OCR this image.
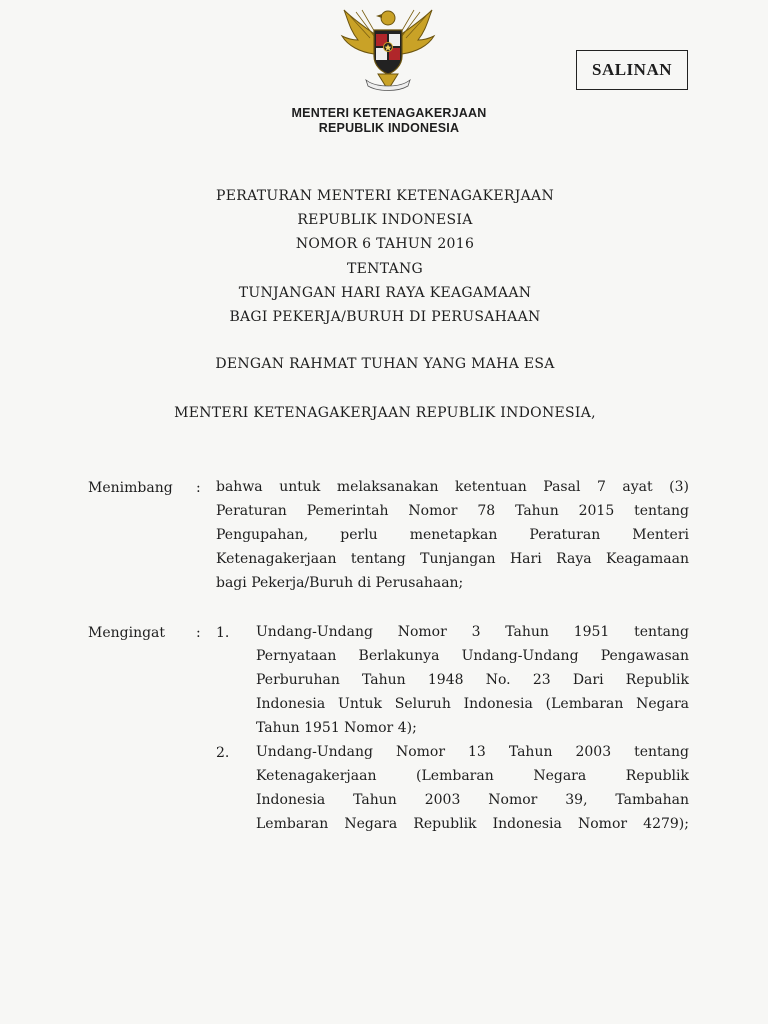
SALINAN
MENTERI KETENAGAKERJAAN
REPUBLIK INDONESIA
PERATURAN MENTERI KETENAGAKERJAAN
REPUBLIK INDONESIA
NOMOR 6 TAHUN 2016
TENTANG
TUNJANGAN HARI RAYA KEAGAMAAN
BAGI PEKERJA/BURUH DI PERUSAHAAN
DENGAN RAHMAT TUHAN YANG MAHA ESA
MENTERI KETENAGAKERJAAN REPUBLIK INDONESIA,
Menimbang : bahwa untuk melaksanakan ketentuan Pasal 7 ayat (3)
Peraturan Pemerintah Nomor 78 Tahun 2015 tentang
Pengupahan, perlu menetapkan Peraturan Menteri
Ketenagakerjaan tentang Tunjangan Hari Raya Keagamaan
bagi Pekerja/Buruh di Perusahaan;
Mengingat : 1. Undang-Undang Nomor 3 Tahun 1951 tentang
Pernyataan Berlakunya Undang-Undang Pengawasan
Perburuhan Tahun 1948 No. 23 Dari Republik
Indonesia Untuk Seluruh Indonesia (Lembaran Negara
Tahun 1951 Nomor 4);
2. Undang-Undang Nomor 13 Tahun 2003 tentang
Ketenagakerjaan (Lembaran Negara Republik
Indonesia Tahun 2003 Nomor 39, Tambahan
Lembaran Negara Republik Indonesia Nomor 4279);
